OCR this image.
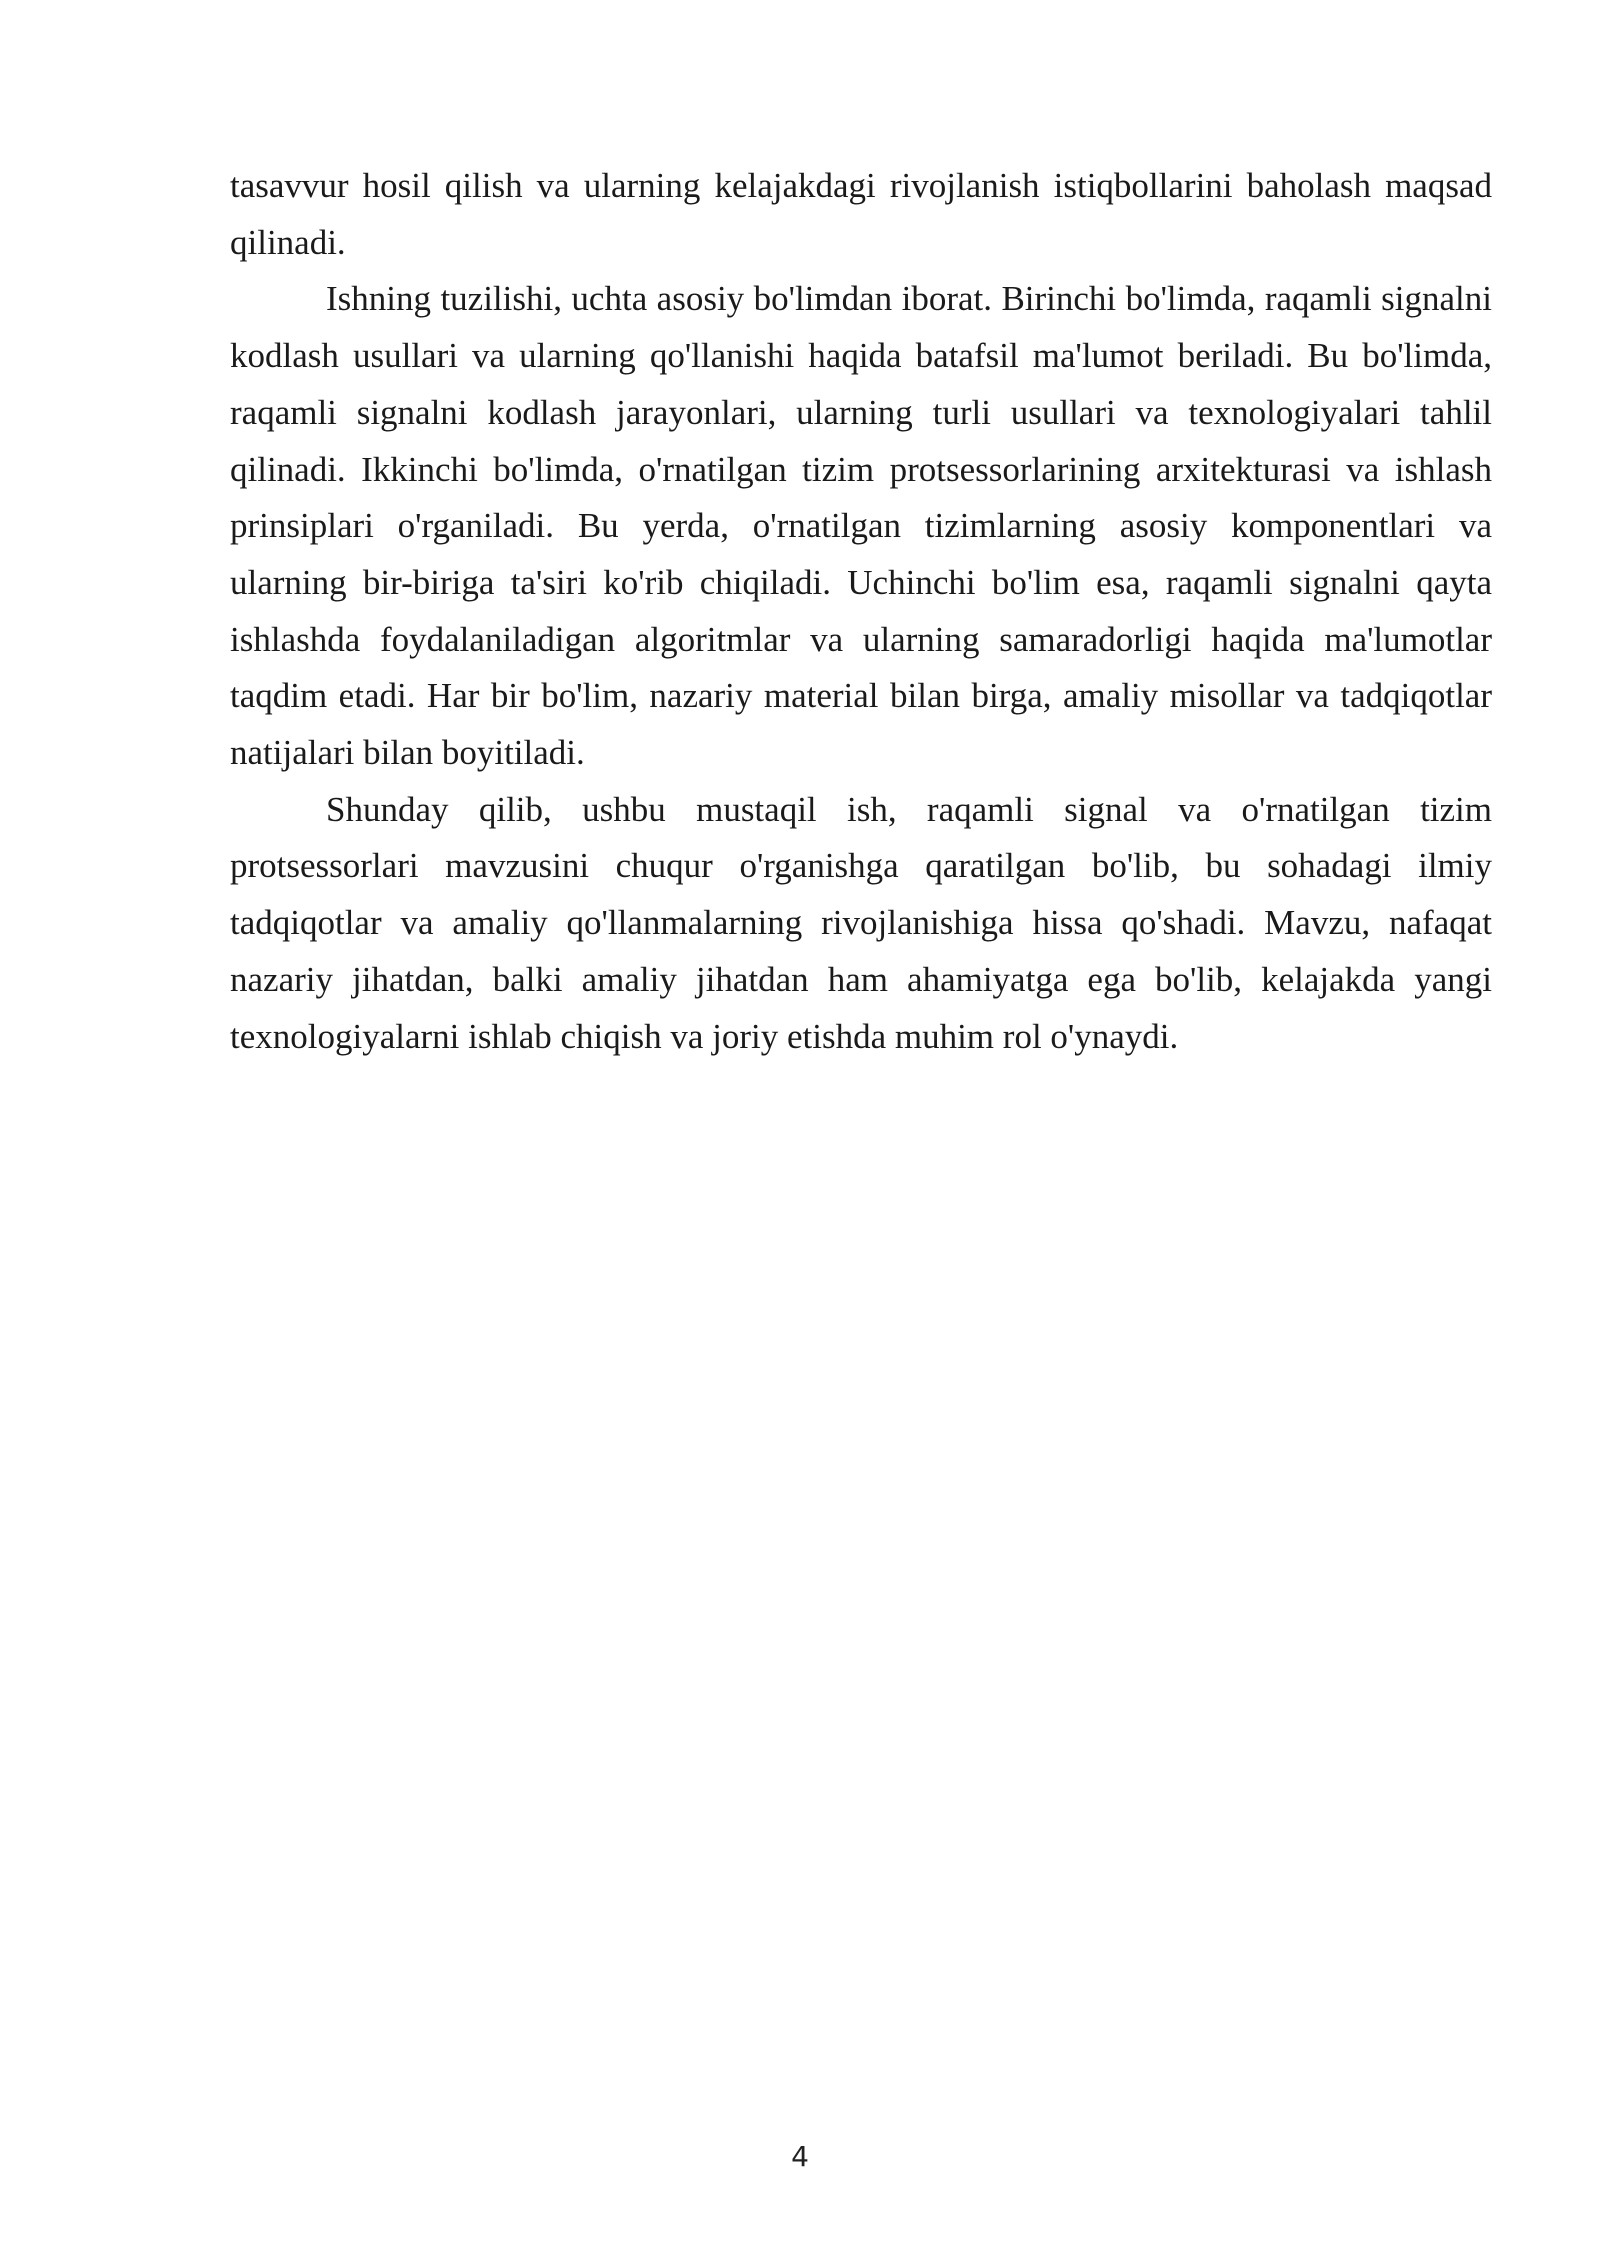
tasavvur hosil qilish va ularning kelajakdagi rivojlanish istiqbollarini baholash maqsad qilinadi.

Ishning tuzilishi, uchta asosiy bo'limdan iborat. Birinchi bo'limda, raqamli signalni kodlash usullari va ularning qo'llanishi haqida batafsil ma'lumot beriladi. Bu bo'limda, raqamli signalni kodlash jarayonlari, ularning turli usullari va texnologiyalari tahlil qilinadi. Ikkinchi bo'limda, o'rnatilgan tizim protsessorlarining arxitekturasi va ishlash prinsiplari o'rganiladi. Bu yerda, o'rnatilgan tizimlarning asosiy komponentlari va ularning bir-biriga ta'siri ko'rib chiqiladi. Uchinchi bo'lim esa, raqamli signalni qayta ishlashda foydalaniladigan algoritmlar va ularning samaradorligi haqida ma'lumotlar taqdim etadi. Har bir bo'lim, nazariy material bilan birga, amaliy misollar va tadqiqotlar natijalari bilan boyitiladi.

Shunday qilib, ushbu mustaqil ish, raqamli signal va o'rnatilgan tizim protsessorlari mavzusini chuqur o'rganishga qaratilgan bo'lib, bu sohadagi ilmiy tadqiqotlar va amaliy qo'llanmalarning rivojlanishiga hissa qo'shadi. Mavzu, nafaqat nazariy jihatdan, balki amaliy jihatdan ham ahamiyatga ega bo'lib, kelajakda yangi texnologiyalarni ishlab chiqish va joriy etishda muhim rol o'ynaydi.

4
